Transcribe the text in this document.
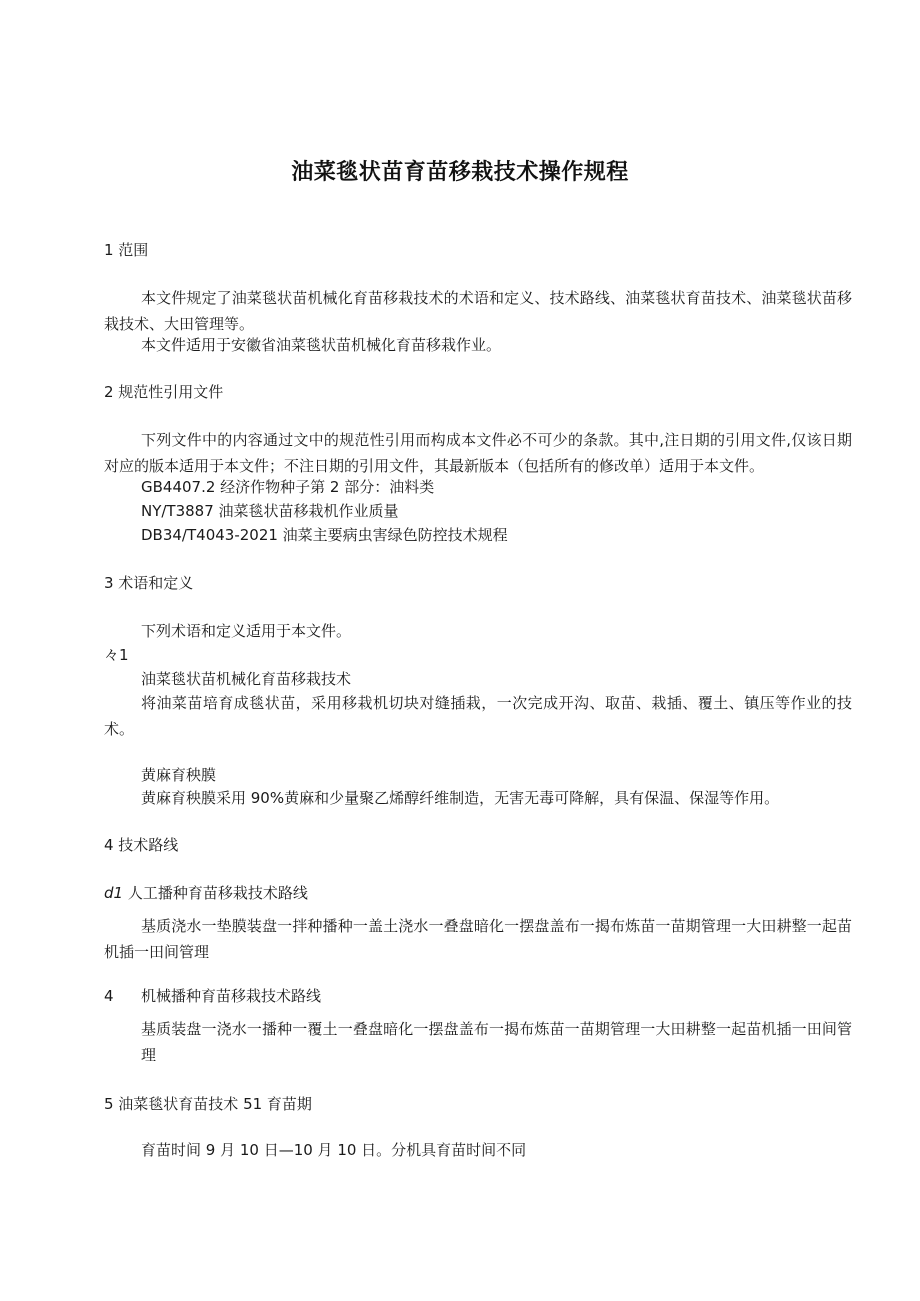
油菜毯状苗育苗移栽技术操作规程
1 范围
本文件规定了油菜毯状苗机械化育苗移栽技术的术语和定义、技术路线、油菜毯状育苗技术、油菜毯状苗移栽技术、大田管理等。
本文件适用于安徽省油菜毯状苗机械化育苗移栽作业。
2 规范性引用文件
下列文件中的内容通过文中的规范性引用而构成本文件必不可少的条款。其中,注日期的引用文件,仅该日期对应的版本适用于本文件；不注日期的引用文件，其最新版本（包括所有的修改单）适用于本文件。
GB4407.2 经济作物种子第 2 部分：油料类
NY/T3887 油菜毯状苗移栽机作业质量
DB34/T4043-2021 油菜主要病虫害绿色防控技术规程
3 术语和定义
下列术语和定义适用于本文件。
々1
油菜毯状苗机械化育苗移栽技术
将油菜苗培育成毯状苗，采用移栽机切块对缝插栽，一次完成开沟、取苗、栽插、覆土、镇压等作业的技术。
黄麻育秧膜
黄麻育秧膜采用 90%黄麻和少量聚乙烯醇纤维制造，无害无毒可降解，具有保温、保湿等作用。
4 技术路线
d1 人工播种育苗移栽技术路线
基质浇水一垫膜装盘一拌种播种一盖土浇水一叠盘暗化一摆盘盖布一揭布炼苗一苗期管理一大田耕整一起苗机插一田间管理
4 机械播种育苗移栽技术路线
基质装盘一浇水一播种一覆土一叠盘暗化一摆盘盖布一揭布炼苗一苗期管理一大田耕整一起苗机插一田间管理
5 油菜毯状育苗技术 51 育苗期
育苗时间 9 月 10 日—10 月 10 日。分机具育苗时间不同
